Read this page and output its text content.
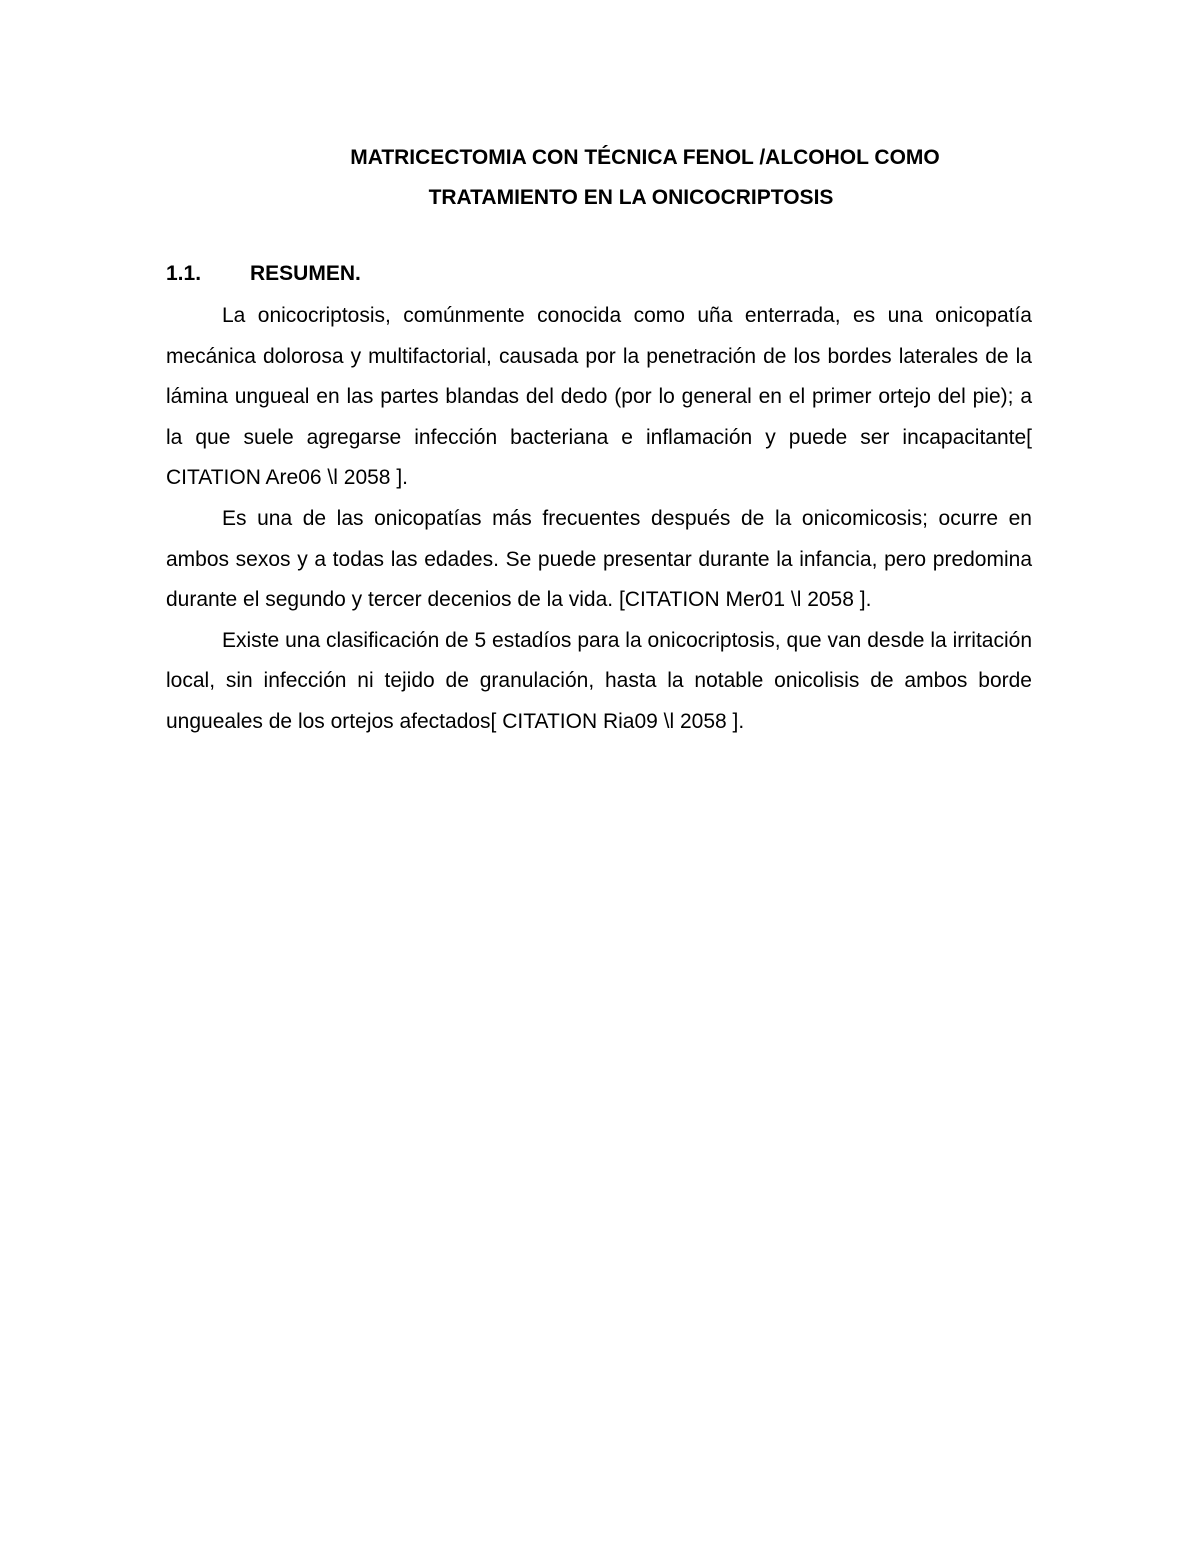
MATRICECTOMIA CON TÉCNICA FENOL /ALCOHOL COMO
TRATAMIENTO EN LA ONICOCRIPTOSIS
1.1. RESUMEN.

La onicocriptosis, comúnmente conocida como uña enterrada, es una onicopatía mecánica dolorosa y multifactorial, causada por la penetración de los bordes laterales de la lámina ungueal en las partes blandas del dedo (por lo general en el primer ortejo del pie); a la que suele agregarse infección bacteriana e inflamación y puede ser incapacitante[ CITATION Are06 \l 2058 ].

Es una de las onicopatías más frecuentes después de la onicomicosis; ocurre en ambos sexos y a todas las edades. Se puede presentar durante la infancia, pero predomina durante el segundo y tercer decenios de la vida. [CITATION Mer01 \l 2058 ].

Existe una clasificación de 5 estadíos para la onicocriptosis, que van desde la irritación local, sin infección ni tejido de granulación, hasta la notable onicolisis de ambos borde ungueales de los ortejos afectados[ CITATION Ria09 \l 2058 ].
